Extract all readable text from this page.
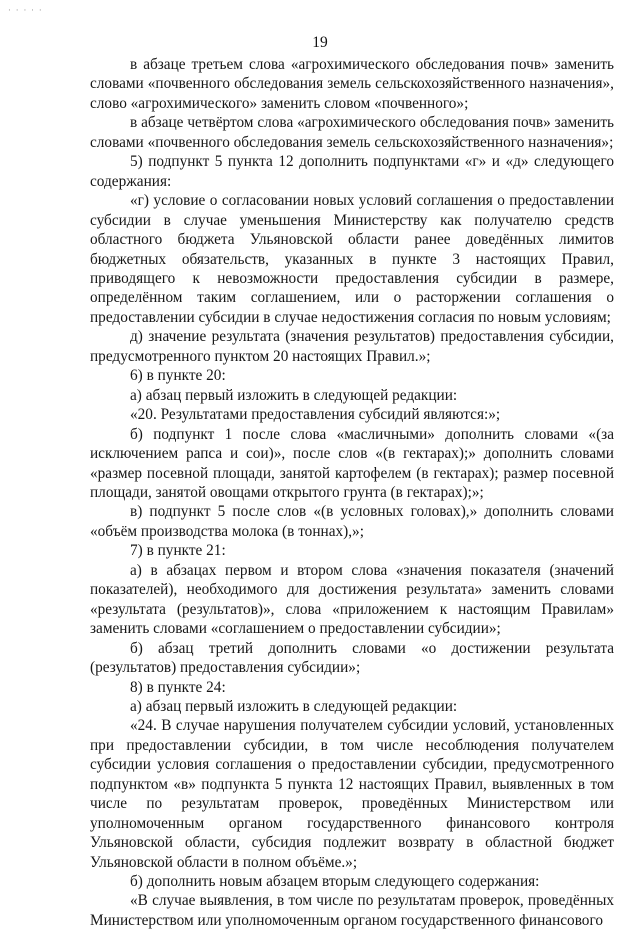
· · · · ·
19

в абзаце третьем слова «агрохимического обследования почв» заменить словами «почвенного обследования земель сельскохозяйственного назначения», слово «агрохимического» заменить словом «почвенного»;

в абзаце четвёртом слова «агрохимического обследования почв» заменить словами «почвенного обследования земель сельскохозяйственного назначения»;

5) подпункт 5 пункта 12 дополнить подпунктами «г» и «д» следующего содержания:

«г) условие о согласовании новых условий соглашения о предоставлении субсидии в случае уменьшения Министерству как получателю средств областного бюджета Ульяновской области ранее доведённых лимитов бюджетных обязательств, указанных в пункте 3 настоящих Правил, приводящего к невозможности предоставления субсидии в размере, определённом таким соглашением, или о расторжении соглашения о предоставлении субсидии в случае недостижения согласия по новым условиям;

д) значение результата (значения результатов) предоставления субсидии, предусмотренного пунктом 20 настоящих Правил.»;

6) в пункте 20:

а) абзац первый изложить в следующей редакции:

«20. Результатами предоставления субсидий являются:»;

б) подпункт 1 после слова «масличными» дополнить словами «(за исключением рапса и сои)», после слов «(в гектарах);» дополнить словами «размер посевной площади, занятой картофелем (в гектарах); размер посевной площади, занятой овощами открытого грунта (в гектарах);»;

в) подпункт 5 после слов «(в условных головах),» дополнить словами «объём производства молока (в тоннах),»;

7) в пункте 21:

а) в абзацах первом и втором слова «значения показателя (значений показателей), необходимого для достижения результата» заменить словами «результата (результатов)», слова «приложением к настоящим Правилам» заменить словами «соглашением о предоставлении субсидии»;

б) абзац третий дополнить словами «о достижении результата (результатов) предоставления субсидии»;

8) в пункте 24:

а) абзац первый изложить в следующей редакции:

«24. В случае нарушения получателем субсидии условий, установленных при предоставлении субсидии, в том числе несоблюдения получателем субсидии условия соглашения о предоставлении субсидии, предусмотренного подпунктом «в» подпункта 5 пункта 12 настоящих Правил, выявленных в том числе по результатам проверок, проведённых Министерством или уполномоченным органом государственного финансового контроля Ульяновской области, субсидия подлежит возврату в областной бюджет Ульяновской области в полном объёме.»;

б) дополнить новым абзацем вторым следующего содержания:

«В случае выявления, в том числе по результатам проверок, проведённых Министерством или уполномоченным органом государственного финансового
